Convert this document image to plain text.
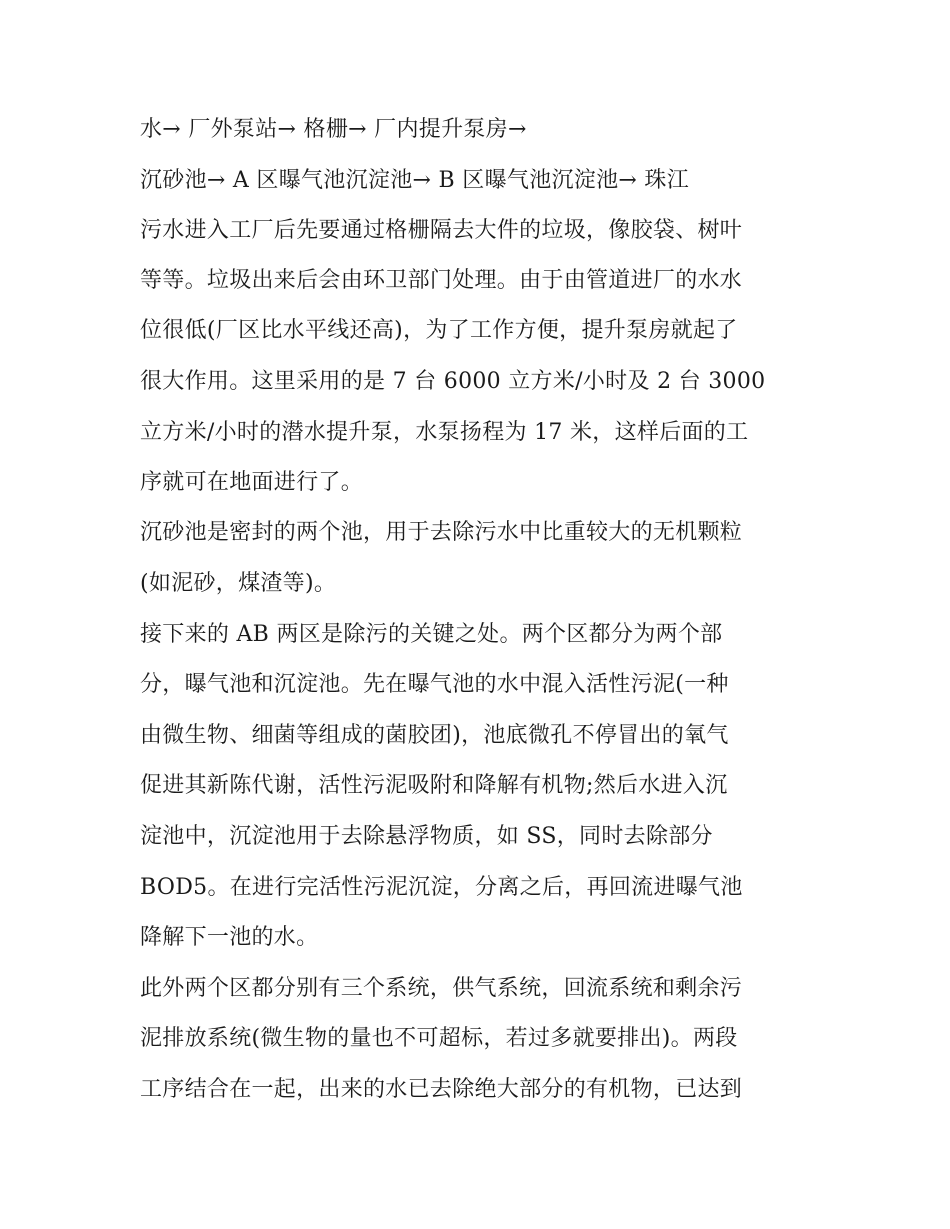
水→ 厂外泵站→ 格栅→ 厂内提升泵房→
沉砂池→ A 区曝气池沉淀池→ B 区曝气池沉淀池→ 珠江
污水进入工厂后先要通过格栅隔去大件的垃圾，像胶袋、树叶
等等。垃圾出来后会由环卫部门处理。由于由管道进厂的水水
位很低(厂区比水平线还高)，为了工作方便，提升泵房就起了
很大作用。这里采用的是 7 台 6000 立方米/小时及 2 台 3000
立方米/小时的潜水提升泵，水泵扬程为 17 米，这样后面的工
序就可在地面进行了。
沉砂池是密封的两个池，用于去除污水中比重较大的无机颗粒
(如泥砂，煤渣等)。
接下来的 AB 两区是除污的关键之处。两个区都分为两个部
分，曝气池和沉淀池。先在曝气池的水中混入活性污泥(一种
由微生物、细菌等组成的菌胶团)，池底微孔不停冒出的氧气
促进其新陈代谢，活性污泥吸附和降解有机物;然后水进入沉
淀池中，沉淀池用于去除悬浮物质，如 SS，同时去除部分
BOD5。在进行完活性污泥沉淀，分离之后，再回流进曝气池
降解下一池的水。
此外两个区都分别有三个系统，供气系统，回流系统和剩余污
泥排放系统(微生物的量也不可超标，若过多就要排出)。两段
工序结合在一起，出来的水已去除绝大部分的有机物，已达到
